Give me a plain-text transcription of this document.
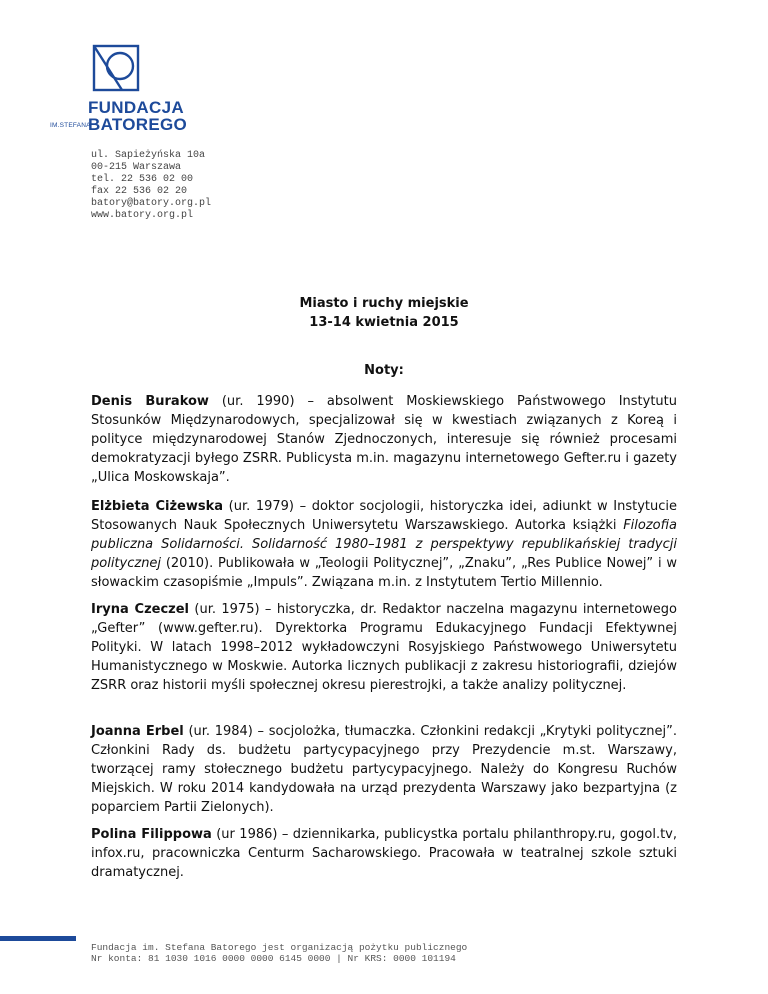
FUNDACJA
BATOREGO
IM.STEFANA
ul. Sapieżyńska 10a
00-215 Warszawa
tel. 22 536 02 00
fax 22 536 02 20
batory@batory.org.pl
www.batory.org.pl
Miasto i ruchy miejskie
13-14 kwietnia 2015
Noty:

Denis Burakow (ur. 1990) – absolwent Moskiewskiego Państwowego Instytutu Stosunków Międzynarodowych, specjalizował się w kwestiach związanych z Koreą i polityce międzynarodowej Stanów Zjednoczonych, interesuje się również procesami demokratyzacji byłego ZSRR. Publicysta m.in. magazynu internetowego Gefter.ru i gazety „Ulica Moskowskaja”.

Elżbieta Ciżewska (ur. 1979) – doktor socjologii, historyczka idei, adiunkt w Instytucie Stosowanych Nauk Społecznych Uniwersytetu Warszawskiego. Autorka książki Filozofia publiczna Solidarności. Solidarność 1980–1981 z perspektywy republikańskiej tradycji politycznej (2010). Publikowała w „Teologii Politycznej”, „Znaku”, „Res Publice Nowej” i w słowackim czasopiśmie „Impuls”. Związana m.in. z Instytutem Tertio Millennio.

Iryna Czeczel (ur. 1975) – historyczka, dr. Redaktor naczelna magazynu internetowego „Gefter” (www.gefter.ru). Dyrektorka Programu Edukacyjnego Fundacji Efektywnej Polityki. W latach 1998–2012 wykładowczyni Rosyjskiego Państwowego Uniwersytetu Humanistycznego w Moskwie. Autorka licznych publikacji z zakresu historiografii, dziejów ZSRR oraz historii myśli społecznej okresu pierestrojki, a także analizy politycznej.

Joanna Erbel (ur. 1984) – socjolożka, tłumaczka. Członkini redakcji „Krytyki politycznej”. Członkini Rady ds. budżetu partycypacyjnego przy Prezydencie m.st. Warszawy, tworzącej ramy stołecznego budżetu partycypacyjnego. Należy do Kongresu Ruchów Miejskich. W roku 2014 kandydowała na urząd prezydenta Warszawy jako bezpartyjna (z poparciem Partii Zielonych).

Polina Filippowa (ur 1986) – dziennikarka, publicystka portalu philanthropy.ru, gogol.tv, infox.ru, pracowniczka Centurm Sacharowskiego. Pracowała w teatralnej szkole sztuki dramatycznej.

Fundacja im. Stefana Batorego jest organizacją pożytku publicznego
Nr konta: 81 1030 1016 0000 0000 6145 0000 | Nr KRS: 0000 101194
